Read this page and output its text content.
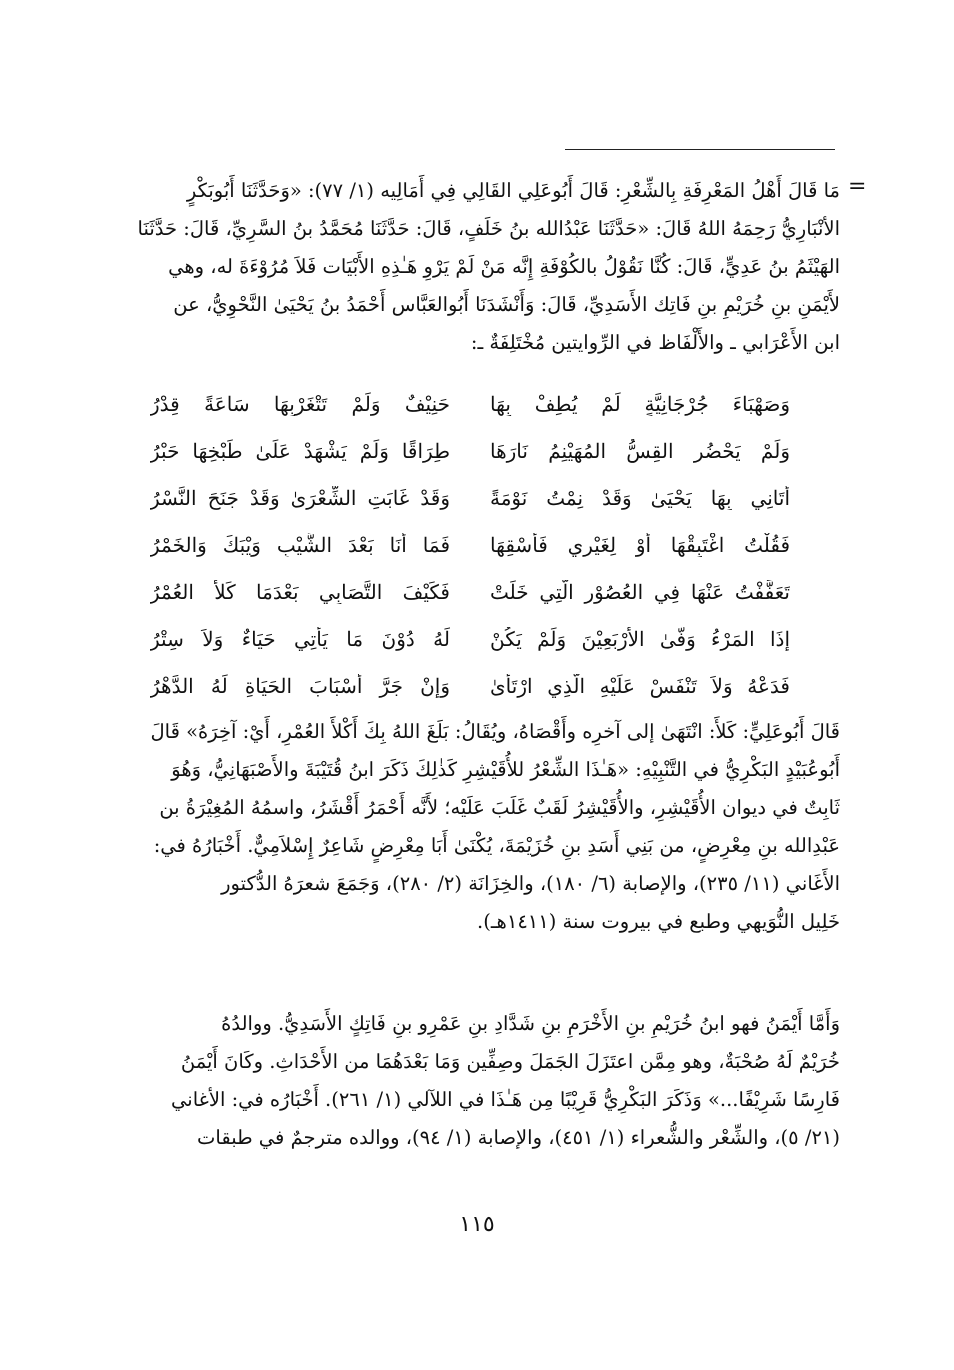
=
مَا قَالَ أَهْلُ المَعْرِفَةِ بِالشِّعْرِ: قَالَ أَبُوعَلِي القَالِي فِي أَمَالِيه (١/ ٧٧): «وَحَدَّثَنَا أَبُوبَكْرٍ
الأنْبَارِيُّ رَحِمَهُ اللهُ قَالَ: «حَدَّثَنَا عَبْدُالله بنُ خَلَفٍ، قَالَ: حَدَّثَنَا مُحَمَّدُ بنُ السَّرِيِّ، قَالَ: حَدَّثَنَا
الهَيْثَمُ بنُ عَدِيٍّ، قَالَ: كُنَّا نَقُوْلُ بالكُوْفَةِ إِنَّه مَنْ لَمْ يَرْوِ هَـٰذِهِ الأَبْيَات فَلاَ مُرُوْءَةَ له، وهي
لأَيْمَنِ بنِ خُرَيْمِ بنِ فَاتِك الأَسَدِيِّ، قَالَ: وَأَنْشَدَنَا أَبُوالعَبَّاس أَحْمَدُ بنُ يَحْيَىٰ النَّحْوِيُّ، عن
ابن الأَعْرَابي ـ والأَلْفَاظ في الرِّوايتين مُخْتَلِفَةٌ ـ:
وَصَهْبَاءَ جُرْجَانِيَّةٍ لَمْ يُطِفْ بِهَا
حَنِيْفٌ وَلَمْ تَتْغَرْبِهَا سَاعَةً قِدْرُ
وَلَمْ يَحْضُرِ القِسُّ المُهَيْنِمُ نَارَهَا
طِرَاقًا وَلَمْ يَشْهَدْ عَلَىٰ طَبْخِهَا حَبْرُ
أَتَانِي بِهَا يَحْيَىٰ وَقَدْ نِمْتُ نَوْمَةً
وَقَدْ غَابَتِ الشِّعْرَىٰ وَقَدْ جَنَحَ النَّسْرُ
فَقُلْتُ اغْتَبِقْهَا أَوْ لِغَيْرِي فَأَسْقِهَا
فَمَا أَنَا بَعْدَ الشَّيْبِ وَيْبَكَ وَالخَمْرُ
تَعَفَّفْتُ عَنْهَا فِي العُصُوْرِ الَّتِي خَلَتْ
فَكَيْفَ التَّصَابِي بَعْدَمَا كَلأَ العُمْرُ
إِذَا المَرْءُ وَفَّىٰ الأَرْبَعِيْنَ وَلَمْ يَكُنْ
لَهُ دُوْنَ مَا يَأْتِي حَيَاءٌ وَلاَ سِتْرُ
فَدَعْهُ وَلاَ تَنْفَسْ عَلَيْهِ الَّذِي ارْتَأَىٰ
وَإِنْ جَرَّ أَسْبَابَ الحَيَاةِ لَهُ الدَّهْرُ
قَالَ أَبُوعَلِيٍّ: كَلأَ: انْتَهَىٰ إلى آخرِه وأَقْصَاهُ، ويُقَالُ: بَلَغَ اللهُ بِكَ أَكْلأَ العُمْرِ، أَيْ: آخِرَهُ» قَالَ
أَبُوعُبَيْدٍ البَكْرِيُّ في التَّنْبِيْهِ: «هَـٰذَا الشِّعْرُ للأُقَيْشِرِ كَذٰلِكَ ذَكَرَ ابنُ قُتَيْبَةَ والأَصْبَهَانِيُّ، وَهُوَ
ثَابِتٌ في ديوان الأُقَيْشِرِ، والأُقَيْشِرُ لَقَبٌ غَلَبَ عَلَيْه؛ لأَنَّه أَحْمَرُ أَقْشَرُ، واسمُهُ المُغِيْرَةُ بن
عَبْدِالله بنِ مِعْرِضٍ، من بَنِي أَسَدِ بنِ خُزَيْمَةَ، يُكْنَىٰ أَبَا مِعْرِضٍ شَاعِرٌ إِسْلاَمِيٌّ. أَخْبَارُهُ في:
الأَغَاني (١١/ ٢٣٥)، والإصابة (٦/ ١٨٠)، والخِزَانَة (٢/ ٢٨٠)، وَجَمَعَ شعرَهُ الدُّكتور
خَلِيل النُّوَيهي وطبع في بيروت سنة (١٤١١هـ).
وَأَمَّا أَيْمَنُ فهو ابنُ خُرَيْمِ بنِ الأَخْرَمِ بنِ شَدَّادِ بنِ عَمْرِو بنِ فَاتِكٍ الأَسَدِيُّ. ووالدُهُ
خُرَيْمٌ لَهُ صُحْبَةٌ، وهو مِمَّن اعتَزَلَ الجَمَلَ وصِفِّين وَمَا بَعْدَهُمَا من الأَحْدَاثِ. وكَانَ أَيْمَنُ
فَارِسًا شَرِيْفًا...» وَذَكَرَ البَكْرِيُّ قَرِيْبًا مِن هَـٰذَا في اللآلي (١/ ٢٦١). أَخْبَارُه في: الأغاني
(٢١/ ٥)، والشِّعْر والشُّعراء (١/ ٤٥١)، والإصابة (١/ ٩٤)، ووالده مترجمٌ في طبقات
١١٥
